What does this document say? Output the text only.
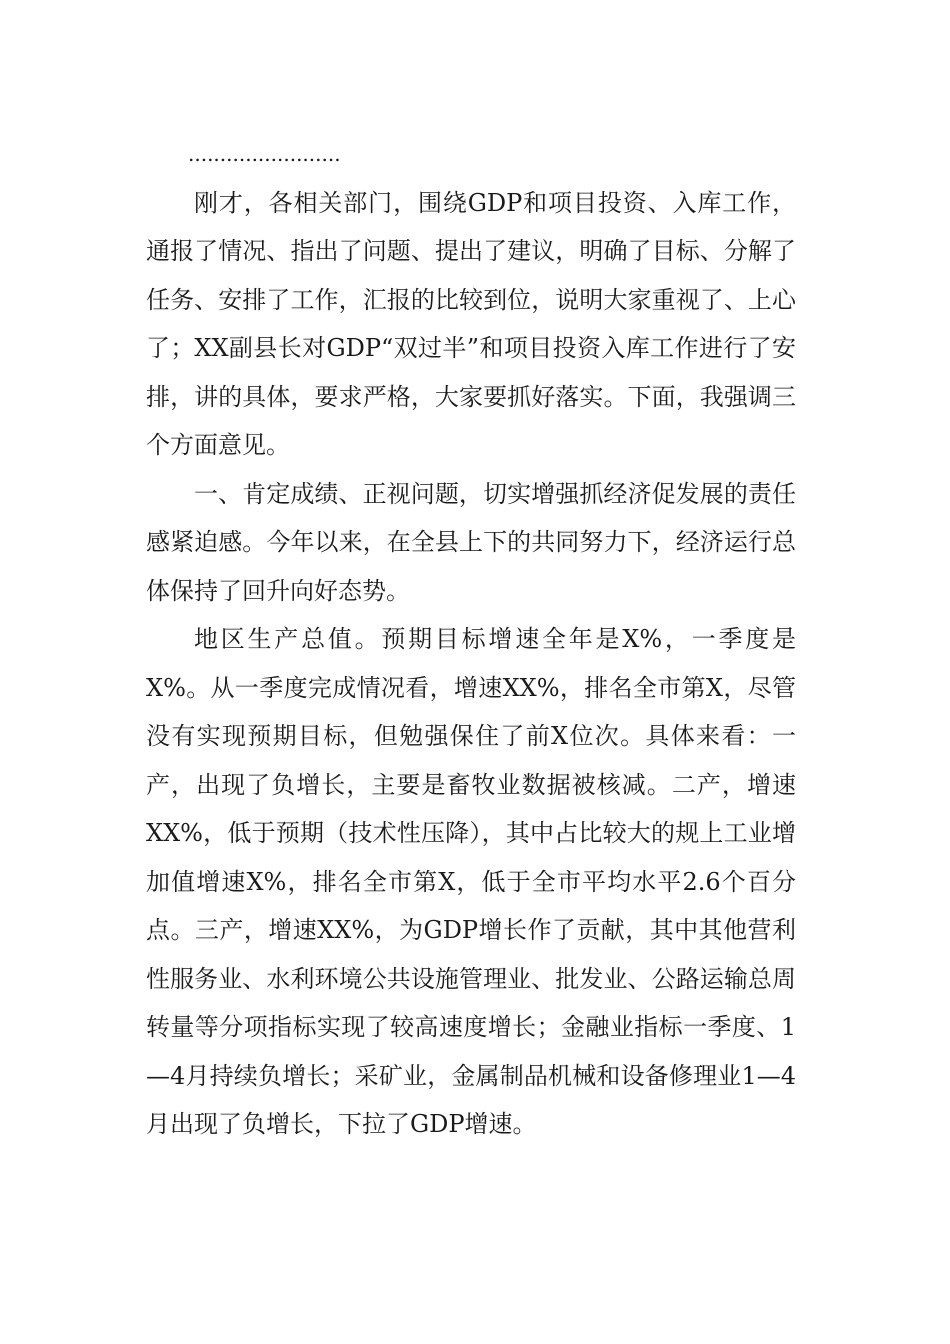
........................

刚才，各相关部门，围绕GDP和项目投资、入库工作，通报了情况、指出了问题、提出了建议，明确了目标、分解了任务、安排了工作，汇报的比较到位，说明大家重视了、上心了；XX副县长对GDP“双过半”和项目投资入库工作进行了安排，讲的具体，要求严格，大家要抓好落实。下面，我强调三个方面意见。

一、肯定成绩、正视问题，切实增强抓经济促发展的责任感紧迫感。今年以来，在全县上下的共同努力下，经济运行总体保持了回升向好态势。

地区生产总值。预期目标增速全年是X%，一季度是X%。从一季度完成情况看，增速XX%，排名全市第X，尽管没有实现预期目标，但勉强保住了前X位次。具体来看：一产，出现了负增长，主要是畜牧业数据被核减。二产，增速XX%，低于预期（技术性压降），其中占比较大的规上工业增加值增速X%，排名全市第X，低于全市平均水平2.6个百分点。三产，增速XX%，为GDP增长作了贡献，其中其他营利性服务业、水利环境公共设施管理业、批发业、公路运输总周转量等分项指标实现了较高速度增长；金融业指标一季度、1—4月持续负增长；采矿业，金属制品机械和设备修理业1—4月出现了负增长，下拉了GDP增速。
